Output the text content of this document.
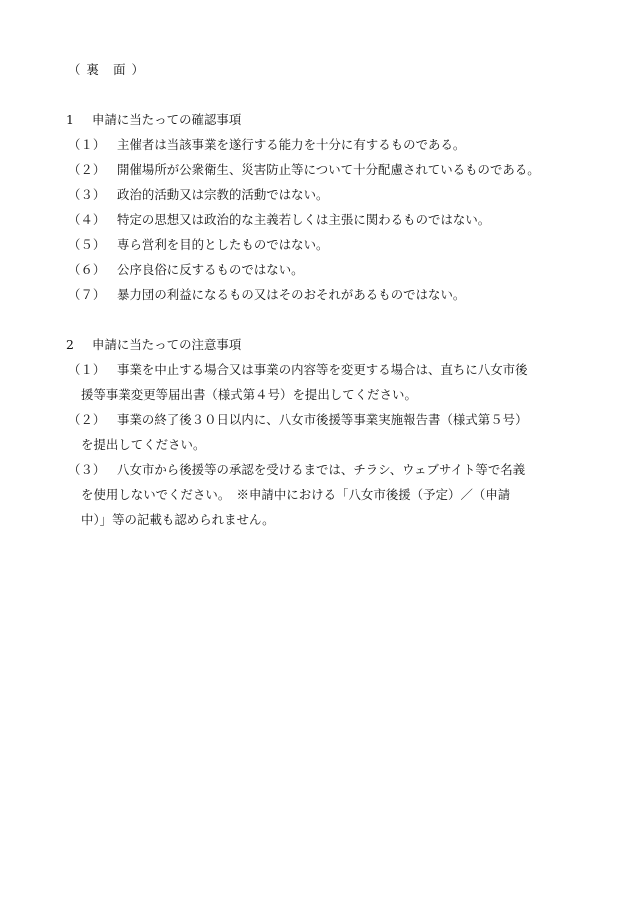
（ 裏　面 ）
1 申請に当たっての確認事項
（１） 主催者は当該事業を遂行する能力を十分に有するものである。
（２） 開催場所が公衆衛生、災害防止等について十分配慮されているものである。
（３） 政治的活動又は宗教的活動ではない。
（４） 特定の思想又は政治的な主義若しくは主張に関わるものではない。
（５） 専ら営利を目的としたものではない。
（６） 公序良俗に反するものではない。
（７） 暴力団の利益になるもの又はそのおそれがあるものではない。
2 申請に当たっての注意事項
（１） 事業を中止する場合又は事業の内容等を変更する場合は、直ちに八女市後
援等事業変更等届出書（様式第４号）を提出してください。
（２） 事業の終了後３０日以内に、八女市後援等事業実施報告書（様式第５号）
を提出してください。
（３） 八女市から後援等の承認を受けるまでは、チラシ、ウェブサイト等で名義
を使用しないでください。　※申請中における「八女市後援（予定）／（申請
中）」等の記載も認められません。
